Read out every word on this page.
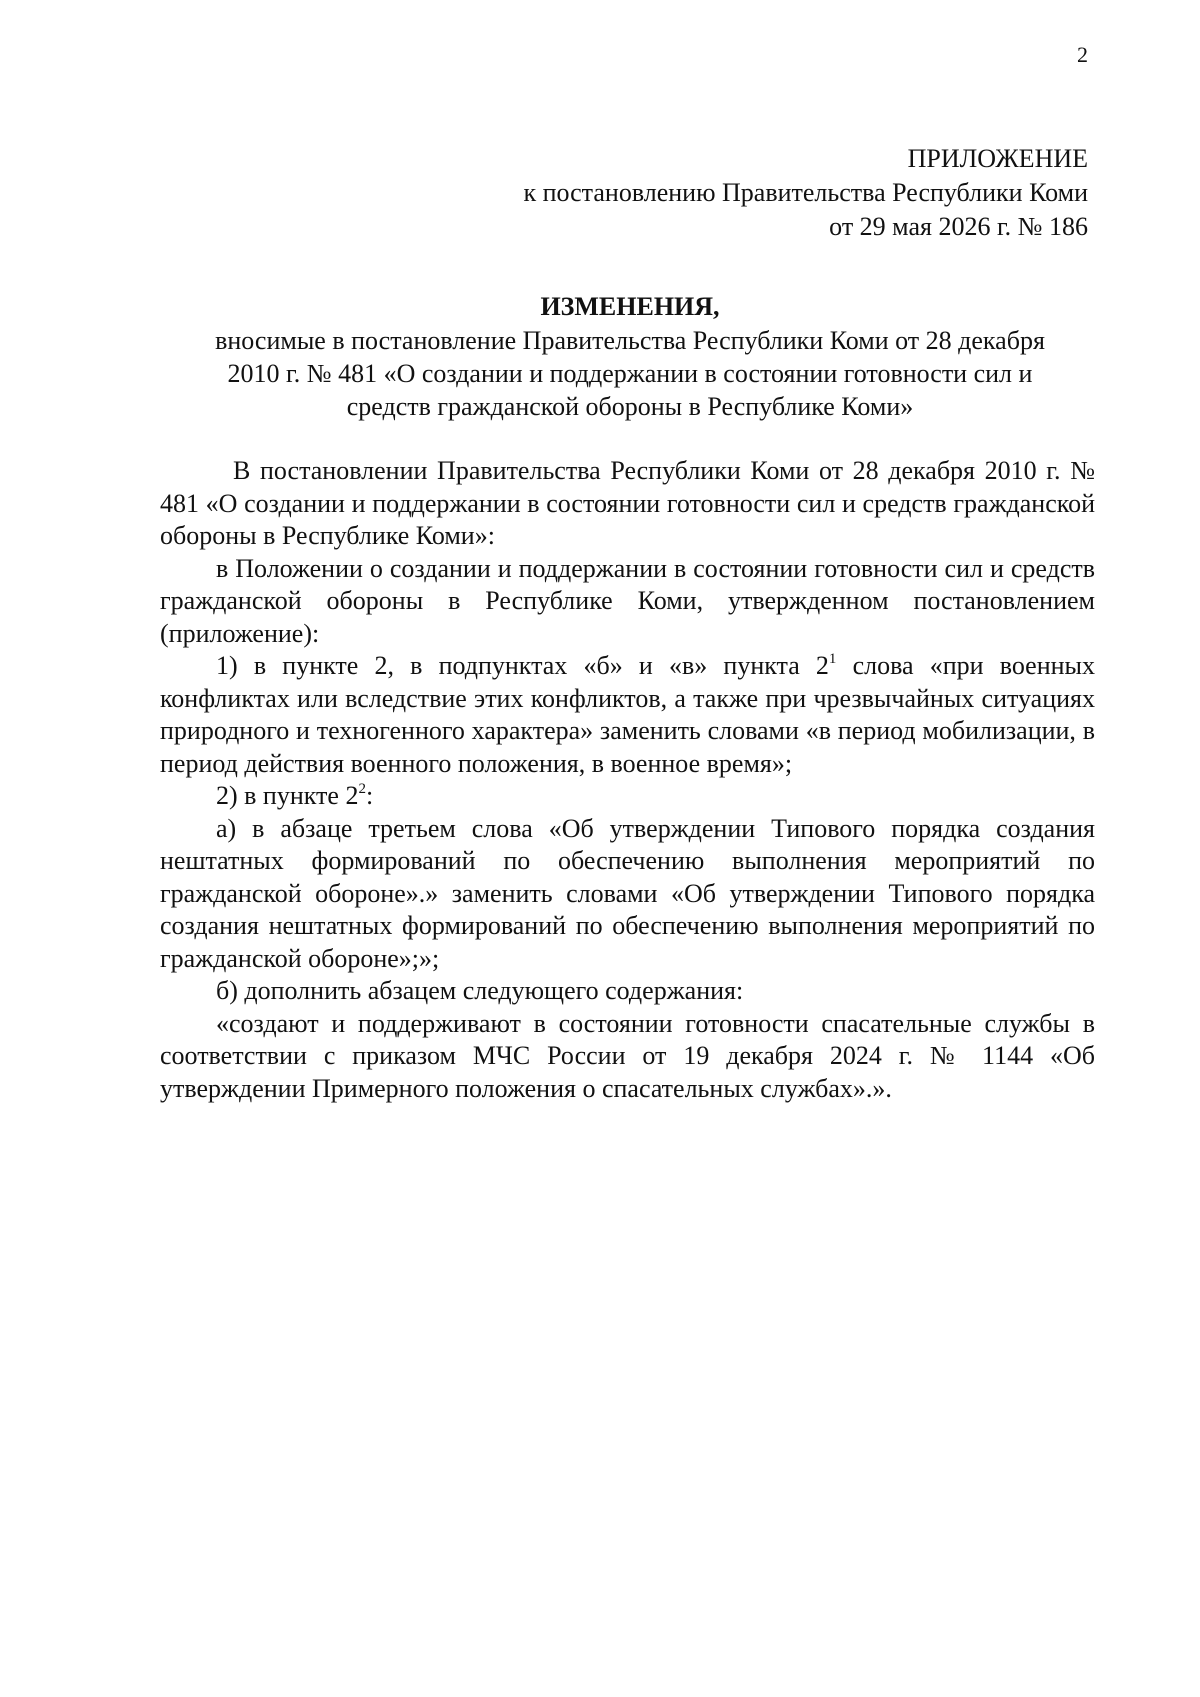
2
ПРИЛОЖЕНИЕ
к постановлению Правительства Республики Коми
от 29 мая 2026 г. № 186
ИЗМЕНЕНИЯ,
вносимые в постановление Правительства Республики Коми от 28 декабря
2010 г. № 481 «О создании и поддержании в состоянии готовности сил и
средств гражданской обороны в Республике Коми»

В постановлении Правительства Республики Коми от 28 декабря 2010 г. № 481 «О создании и поддержании в состоянии готовности сил и средств гражданской обороны в Республике Коми»:

в Положении о создании и поддержании в состоянии готовности сил и средств гражданской обороны в Республике Коми, утвержденном постановлением (приложение):

1) в пункте 2, в подпунктах «б» и «в» пункта $2^1$ слова «при военных конфликтах или вследствие этих конфликтов, а также при чрезвычайных ситуациях природного и техногенного характера» заменить словами «в период мобилизации, в период действия военного положения, в военное время»;

2) в пункте $2^2$:

а) в абзаце третьем слова «Об утверждении Типового порядка создания нештатных формирований по обеспечению выполнения мероприятий по гражданской обороне».» заменить словами «Об утверждении Типового порядка создания нештатных формирований по обеспечению выполнения мероприятий по гражданской обороне»;»;

б) дополнить абзацем следующего содержания:

«создают и поддерживают в состоянии готовности спасательные службы в соответствии с приказом МЧС России от 19 декабря 2024 г. № 1144 «Об утверждении Примерного положения о спасательных службах».».
